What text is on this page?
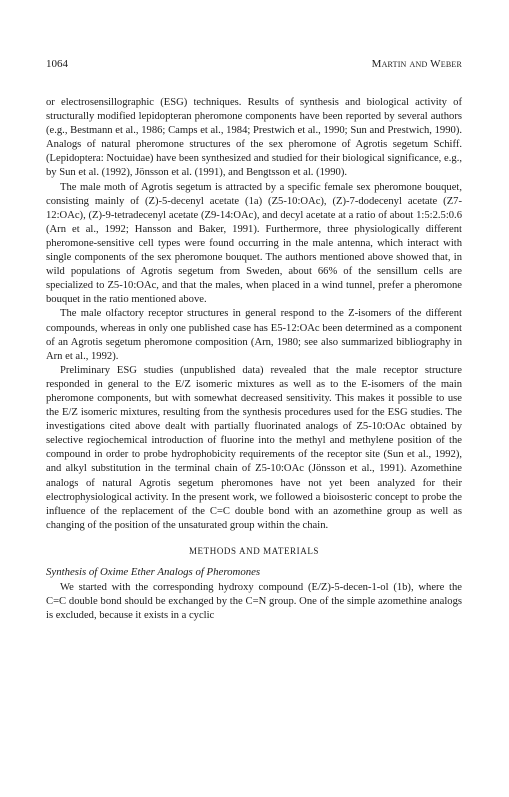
1064	Martin and Weber

or electrosensillographic (ESG) techniques. Results of synthesis and biological activity of structurally modified lepidopteran pheromone components have been reported by several authors (e.g., Bestmann et al., 1986; Camps et al., 1984; Prestwich et al., 1990; Sun and Prestwich, 1990). Analogs of natural pheromone structures of the sex pheromone of Agrotis segetum Schiff. (Lepidoptera: Noctuidae) have been synthesized and studied for their biological significance, e.g., by Sun et al. (1992), Jönsson et al. (1991), and Bengtsson et al. (1990).

The male moth of Agrotis segetum is attracted by a specific female sex pheromone bouquet, consisting mainly of (Z)-5-decenyl acetate (1a) (Z5-10:OAc), (Z)-7-dodecenyl acetate (Z7-12:OAc), (Z)-9-tetradecenyl acetate (Z9-14:OAc), and decyl acetate at a ratio of about 1:5:2.5:0.6 (Arn et al., 1992; Hansson and Baker, 1991). Furthermore, three physiologically different pheromone-sensitive cell types were found occurring in the male antenna, which interact with single components of the sex pheromone bouquet. The authors mentioned above showed that, in wild populations of Agrotis segetum from Sweden, about 66% of the sensillum cells are specialized to Z5-10:OAc, and that the males, when placed in a wind tunnel, prefer a pheromone bouquet in the ratio mentioned above.

The male olfactory receptor structures in general respond to the Z-isomers of the different compounds, whereas in only one published case has E5-12:OAc been determined as a component of an Agrotis segetum pheromone composition (Arn, 1980; see also summarized bibliography in Arn et al., 1992).

Preliminary ESG studies (unpublished data) revealed that the male receptor structure responded in general to the E/Z isomeric mixtures as well as to the E-isomers of the main pheromone components, but with somewhat decreased sensitivity. This makes it possible to use the E/Z isomeric mixtures, resulting from the synthesis procedures used for the ESG studies. The investigations cited above dealt with partially fluorinated analogs of Z5-10:OAc obtained by selective regiochemical introduction of fluorine into the methyl and methylene position of the compound in order to probe hydrophobicity requirements of the receptor site (Sun et al., 1992), and alkyl substitution in the terminal chain of Z5-10:OAc (Jönsson et al., 1991). Azomethine analogs of natural Agrotis segetum pheromones have not yet been analyzed for their electrophysiological activity. In the present work, we followed a bioisosteric concept to probe the influence of the replacement of the C=C double bond with an azomethine group as well as changing of the position of the unsaturated group within the chain.

METHODS AND MATERIALS
Synthesis of Oxime Ether Analogs of Pheromones

We started with the corresponding hydroxy compound (E/Z)-5-decen-1-ol (1b), where the C=C double bond should be exchanged by the C=N group. One of the simple azomethine analogs is excluded, because it exists in a cyclic
